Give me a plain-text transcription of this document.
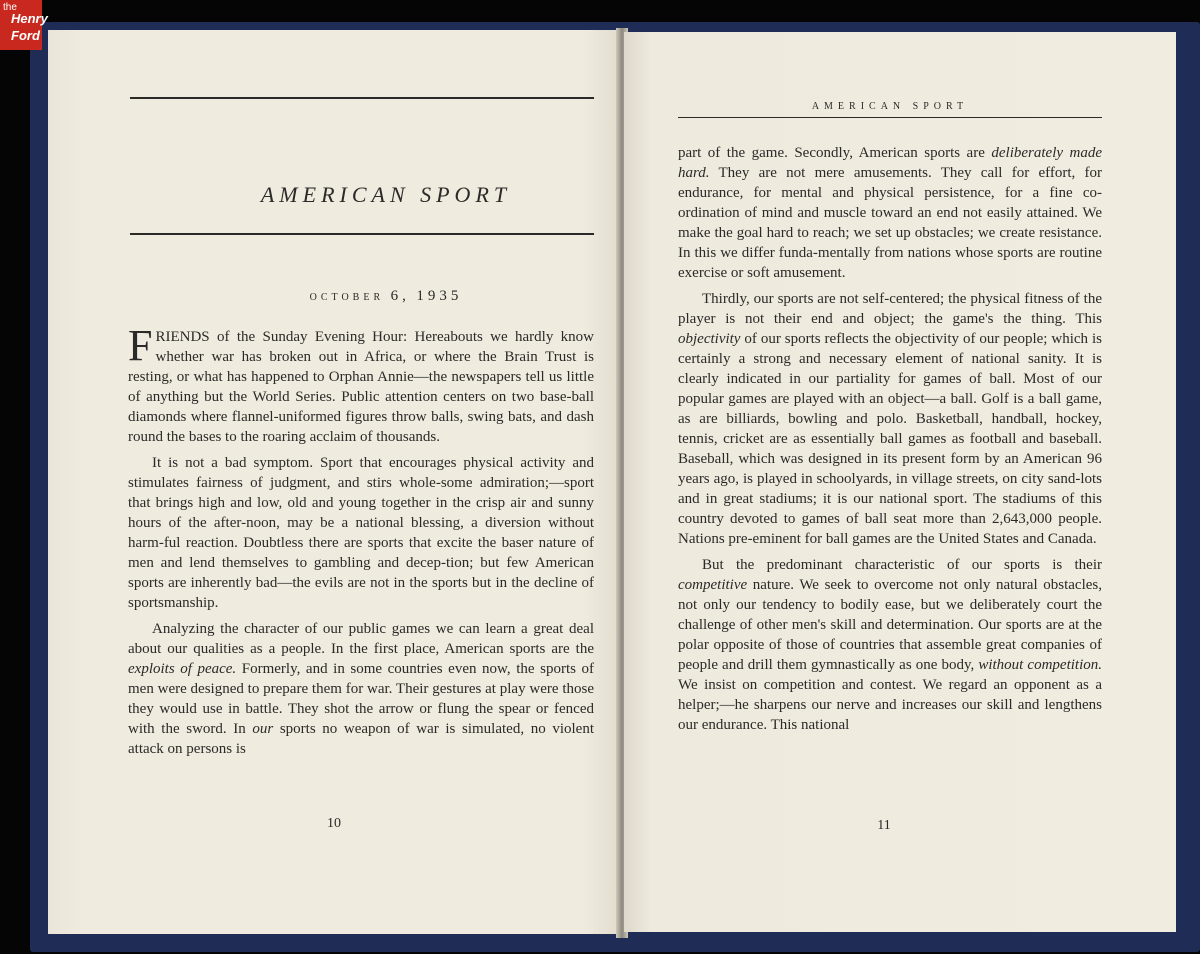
AMERICAN SPORT
OCTOBER 6, 1935

FRIENDS of the Sunday Evening Hour: Hereabouts we hardly know whether war has broken out in Africa, or where the Brain Trust is resting, or what has happened to Orphan Annie—the newspapers tell us little of anything but the World Series. Public attention centers on two base-ball diamonds where flannel-uniformed figures throw balls, swing bats, and dash round the bases to the roaring acclaim of thousands.

It is not a bad symptom. Sport that encourages physical activity and stimulates fairness of judgment, and stirs whole-some admiration;—sport that brings high and low, old and young together in the crisp air and sunny hours of the after-noon, may be a national blessing, a diversion without harm-ful reaction. Doubtless there are sports that excite the baser nature of men and lend themselves to gambling and decep-tion; but few American sports are inherently bad—the evils are not in the sports but in the decline of sportsmanship.

Analyzing the character of our public games we can learn a great deal about our qualities as a people. In the first place, American sports are the exploits of peace. Formerly, and in some countries even now, the sports of men were designed to prepare them for war. Their gestures at play were those they would use in battle. They shot the arrow or flung the spear or fenced with the sword. In our sports no weapon of war is simulated, no violent attack on persons is

10
AMERICAN SPORT

part of the game. Secondly, American sports are deliberately made hard. They are not mere amusements. They call for effort, for endurance, for mental and physical persistence, for a fine co-ordination of mind and muscle toward an end not easily attained. We make the goal hard to reach; we set up obstacles; we create resistance. In this we differ funda-mentally from nations whose sports are routine exercise or soft amusement.

Thirdly, our sports are not self-centered; the physical fitness of the player is not their end and object; the game's the thing. This objectivity of our sports reflects the objectivity of our people; which is certainly a strong and necessary element of national sanity. It is clearly indicated in our partiality for games of ball. Most of our popular games are played with an object—a ball. Golf is a ball game, as are billiards, bowling and polo. Basketball, handball, hockey, tennis, cricket are as essentially ball games as football and baseball. Baseball, which was designed in its present form by an American 96 years ago, is played in schoolyards, in village streets, on city sand-lots and in great stadiums; it is our national sport. The stadiums of this country devoted to games of ball seat more than 2,643,000 people. Nations pre-eminent for ball games are the United States and Canada.

But the predominant characteristic of our sports is their competitive nature. We seek to overcome not only natural obstacles, not only our tendency to bodily ease, but we deliberately court the challenge of other men's skill and determination. Our sports are at the polar opposite of those of countries that assemble great companies of people and drill them gymnastically as one body, without competition. We insist on competition and contest. We regard an opponent as a helper;—he sharpens our nerve and increases our skill and lengthens our endurance. This national

11
the
Henry
Ford
